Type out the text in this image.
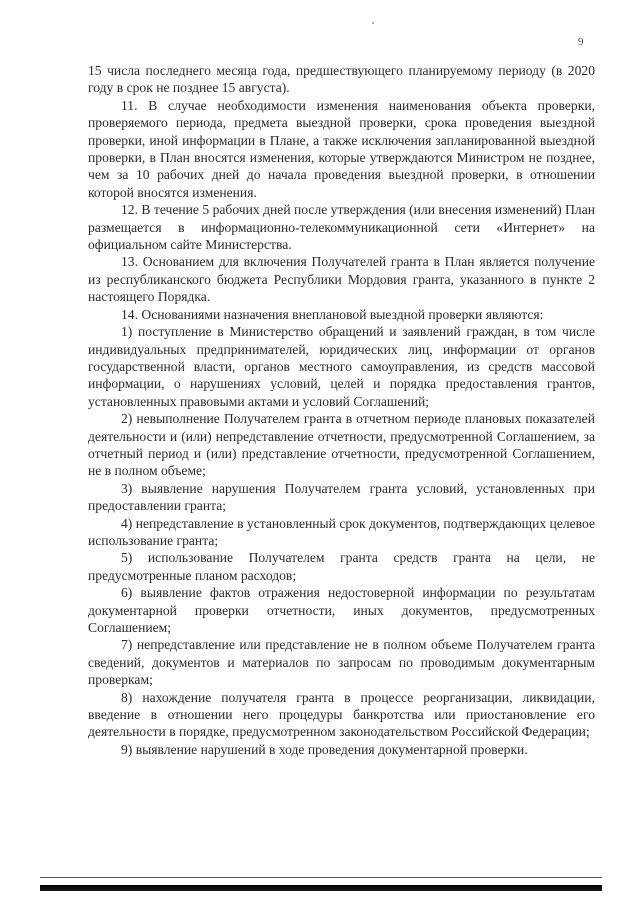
9

15 числа последнего месяца года, предшествующего планируемому периоду (в 2020 году в срок не позднее 15 августа).

11. В случае необходимости изменения наименования объекта проверки, проверяемого периода, предмета выездной проверки, срока проведения выездной проверки, иной информации в Плане, а также исключения запланированной выездной проверки, в План вносятся изменения, которые утверждаются Министром не позднее, чем за 10 рабочих дней до начала проведения выездной проверки, в отношении которой вносятся изменения.

12. В течение 5 рабочих дней после утверждения (или внесения изменений) План размещается в информационно-телекоммуникационной сети «Интернет» на официальном сайте Министерства.

13. Основанием для включения Получателей гранта в План является получение из республиканского бюджета Республики Мордовия гранта, указанного в пункте 2 настоящего Порядка.

14. Основаниями назначения внеплановой выездной проверки являются:

1) поступление в Министерство обращений и заявлений граждан, в том числе индивидуальных предпринимателей, юридических лиц, информации от органов государственной власти, органов местного самоуправления, из средств массовой информации, о нарушениях условий, целей и порядка предоставления грантов, установленных правовыми актами и условий Соглашений;

2) невыполнение Получателем гранта в отчетном периоде плановых показателей деятельности и (или) непредставление отчетности, предусмотренной Соглашением, за отчетный период и (или) представление отчетности, предусмотренной Соглашением, не в полном объеме;

3) выявление нарушения Получателем гранта условий, установленных при предоставлении гранта;

4) непредставление в установленный срок документов, подтверждающих целевое использование гранта;

5) использование Получателем гранта средств гранта на цели, не предусмотренные планом расходов;

6) выявление фактов отражения недостоверной информации по результатам документарной проверки отчетности, иных документов, предусмотренных Соглашением;

7) непредставление или представление не в полном объеме Получателем гранта сведений, документов и материалов по запросам по проводимым документарным проверкам;

8) нахождение получателя гранта в процессе реорганизации, ликвидации, введение в отношении него процедуры банкротства или приостановление его деятельности в порядке, предусмотренном законодательством Российской Федерации;

9) выявление нарушений в ходе проведения документарной проверки.
